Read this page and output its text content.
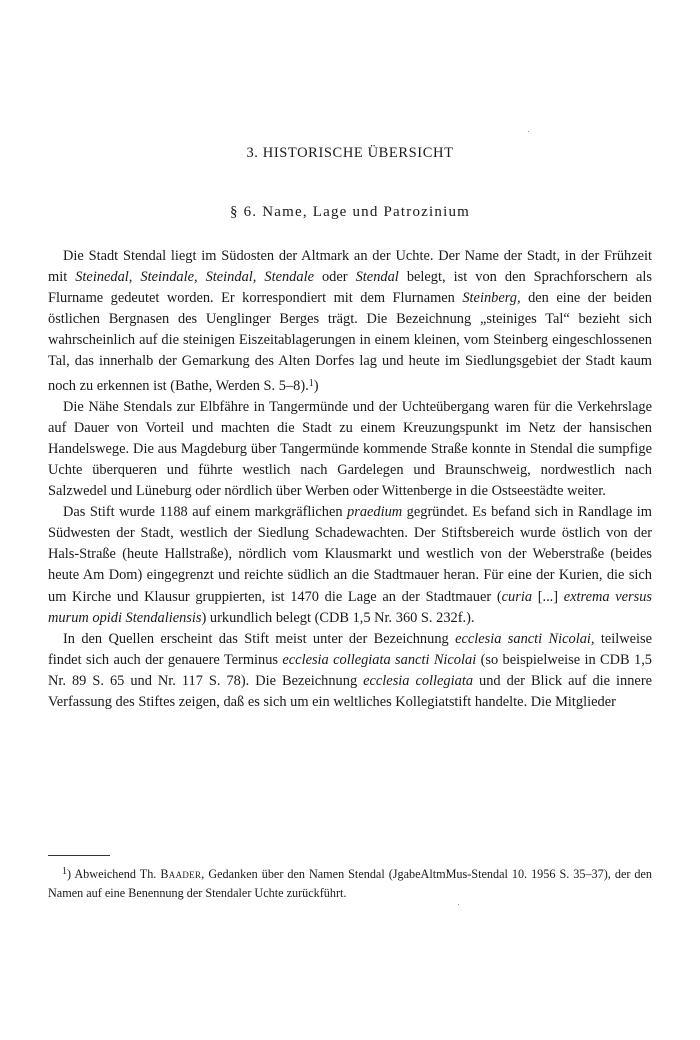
3. HISTORISCHE ÜBERSICHT
§ 6. Name, Lage und Patrozinium

Die Stadt Stendal liegt im Südosten der Altmark an der Uchte. Der Name der Stadt, in der Frühzeit mit Steinedal, Steindale, Steindal, Stendale oder Stendal belegt, ist von den Sprachforschern als Flurname gedeutet worden. Er korrespondiert mit dem Flurnamen Steinberg, den eine der beiden östlichen Bergnasen des Uenglinger Berges trägt. Die Bezeichnung „steiniges Tal“ bezieht sich wahrscheinlich auf die steinigen Eiszeitablagerungen in einem kleinen, vom Steinberg eingeschlossenen Tal, das innerhalb der Gemarkung des Alten Dorfes lag und heute im Siedlungsgebiet der Stadt kaum noch zu erkennen ist (Bathe, Werden S. 5–8).$^1$)

Die Nähe Stendals zur Elbfähre in Tangermünde und der Uchteübergang waren für die Verkehrslage auf Dauer von Vorteil und machten die Stadt zu einem Kreuzungspunkt im Netz der hansischen Handelswege. Die aus Magdeburg über Tangermünde kommende Straße konnte in Stendal die sumpfige Uchte überqueren und führte westlich nach Gardelegen und Braunschweig, nordwestlich nach Salzwedel und Lüneburg oder nördlich über Werben oder Wittenberge in die Ostseestädte weiter.

Das Stift wurde 1188 auf einem markgräflichen praedium gegründet. Es befand sich in Randlage im Südwesten der Stadt, westlich der Siedlung Schadewachten. Der Stiftsbereich wurde östlich von der Hals-Straße (heute Hallstraße), nördlich vom Klausmarkt und westlich von der Weberstraße (beides heute Am Dom) eingegrenzt und reichte südlich an die Stadtmauer heran. Für eine der Kurien, die sich um Kirche und Klausur gruppierten, ist 1470 die Lage an der Stadtmauer (curia [...] extrema versus murum opidi Stendaliensis) urkundlich belegt (CDB 1,5 Nr. 360 S. 232f.).

In den Quellen erscheint das Stift meist unter der Bezeichnung ecclesia sancti Nicolai, teilweise findet sich auch der genauere Terminus ecclesia collegiata sancti Nicolai (so beispielweise in CDB 1,5 Nr. 89 S. 65 und Nr. 117 S. 78). Die Bezeichnung ecclesia collegiata und der Blick auf die innere Verfassung des Stiftes zeigen, daß es sich um ein weltliches Kollegiatstift handelte. Die Mitglieder

$^1$) Abweichend Th. Baader, Gedanken über den Namen Stendal (JgabeAltmMus-Stendal 10. 1956 S. 35–37), der den Namen auf eine Benennung der Stendaler Uchte zurückführt.
